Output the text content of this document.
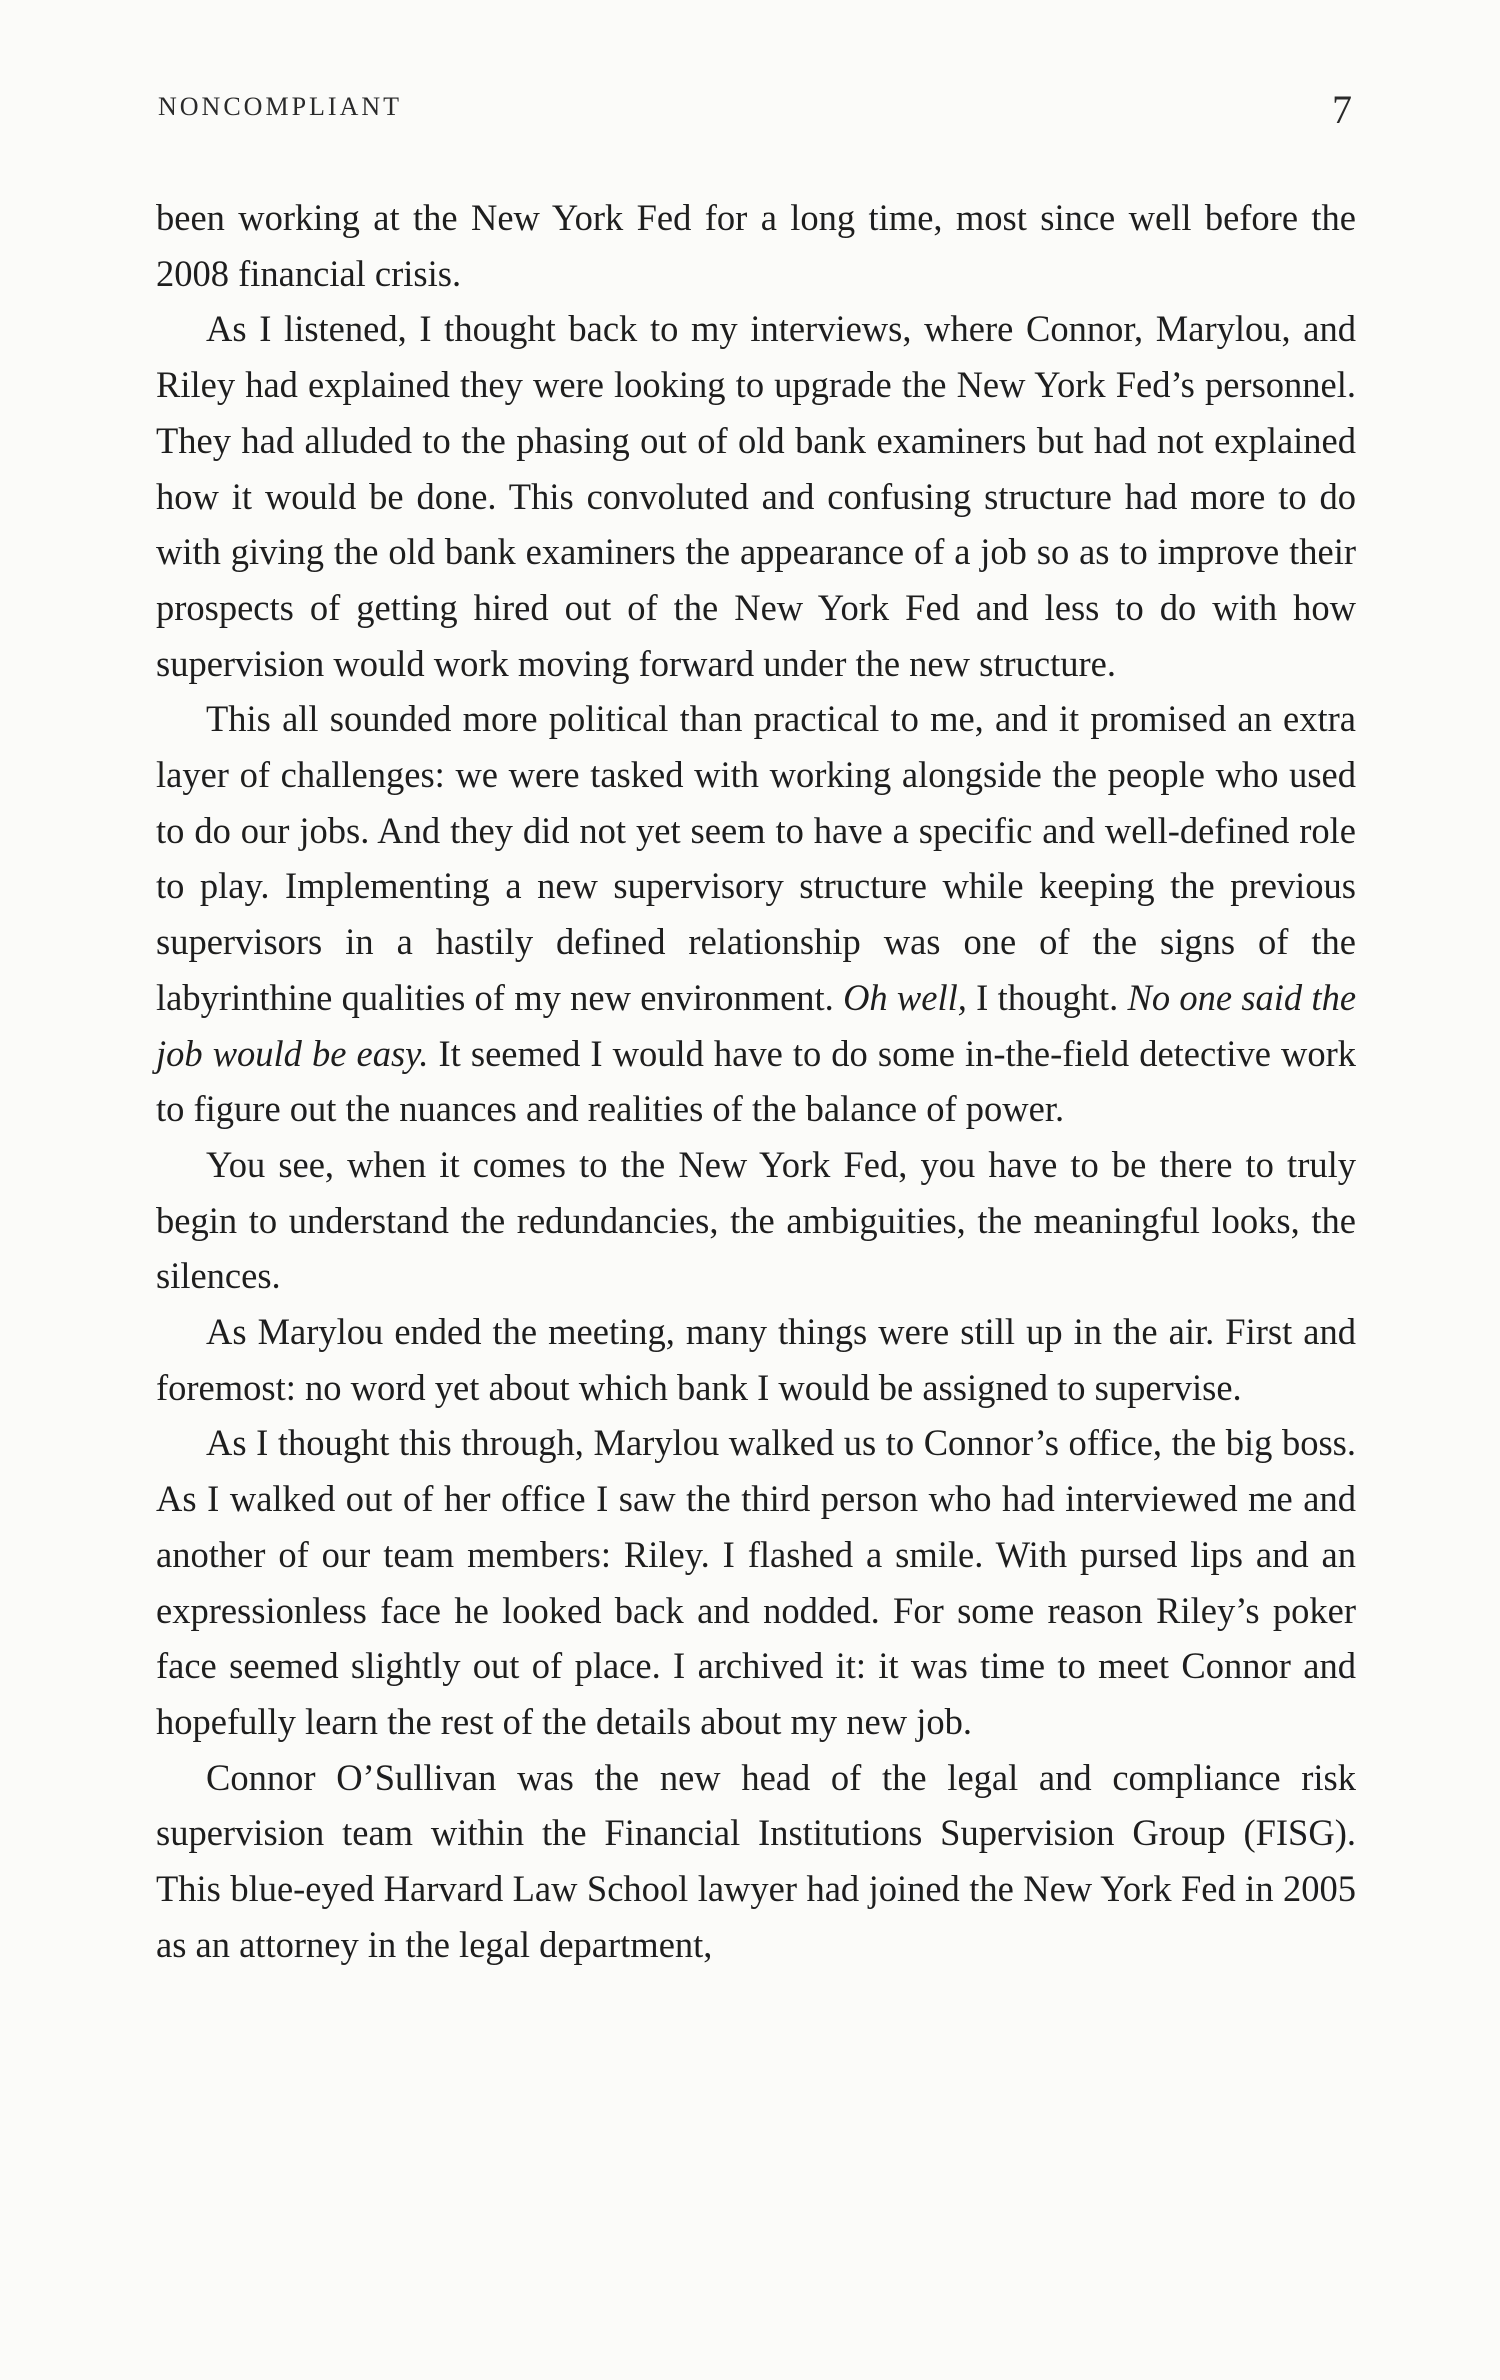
NONCOMPLIANT	7

been working at the New York Fed for a long time, most since well before the 2008 financial crisis.

As I listened, I thought back to my interviews, where Connor, Marylou, and Riley had explained they were looking to upgrade the New York Fed’s personnel. They had alluded to the phasing out of old bank examiners but had not explained how it would be done. This convoluted and confusing structure had more to do with giving the old bank examiners the appearance of a job so as to improve their prospects of getting hired out of the New York Fed and less to do with how supervision would work moving forward under the new structure.

This all sounded more political than practical to me, and it promised an extra layer of challenges: we were tasked with working alongside the people who used to do our jobs. And they did not yet seem to have a specific and well-defined role to play. Implementing a new supervisory structure while keeping the previous supervisors in a hastily defined relationship was one of the signs of the labyrinthine qualities of my new environment. Oh well, I thought. No one said the job would be easy. It seemed I would have to do some in-the-field detective work to figure out the nuances and realities of the balance of power.

You see, when it comes to the New York Fed, you have to be there to truly begin to understand the redundancies, the ambiguities, the meaningful looks, the silences.

As Marylou ended the meeting, many things were still up in the air. First and foremost: no word yet about which bank I would be assigned to supervise.

As I thought this through, Marylou walked us to Connor’s office, the big boss. As I walked out of her office I saw the third person who had interviewed me and another of our team members: Riley. I flashed a smile. With pursed lips and an expressionless face he looked back and nodded. For some reason Riley’s poker face seemed slightly out of place. I archived it: it was time to meet Connor and hopefully learn the rest of the details about my new job.

Connor O’Sullivan was the new head of the legal and compliance risk supervision team within the Financial Institutions Supervision Group (FISG). This blue-eyed Harvard Law School lawyer had joined the New York Fed in 2005 as an attorney in the legal department,
